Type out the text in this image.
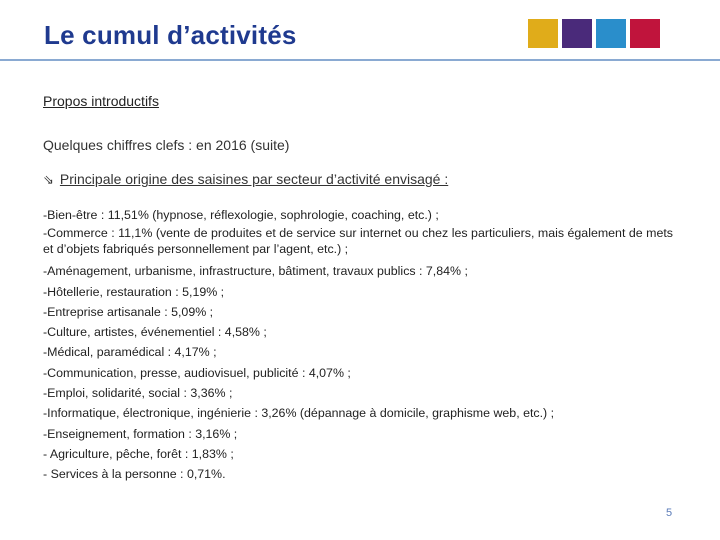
Le cumul d’activités
Propos introductifs
Quelques chiffres clefs : en 2016 (suite)
⇘ Principale origine des saisines par secteur d’activité envisagé :

-Bien-être : 11,51% (hypnose, réflexologie, sophrologie, coaching, etc.) ;

-Commerce : 11,1% (vente de produites et de service sur internet ou chez les particuliers, mais également de mets et d’objets fabriqués personnellement par l’agent, etc.) ;

-Aménagement, urbanisme, infrastructure, bâtiment, travaux publics : 7,84% ;

-Hôtellerie, restauration : 5,19% ;

-Entreprise artisanale : 5,09% ;

-Culture, artistes, événementiel : 4,58% ;

-Médical, paramédical : 4,17% ;

-Communication, presse, audiovisuel, publicité : 4,07% ;

-Emploi, solidarité, social : 3,36% ;

-Informatique, électronique, ingénierie : 3,26% (dépannage à domicile, graphisme web, etc.) ;

-Enseignement, formation : 3,16% ;

- Agriculture, pêche, forêt : 1,83% ;

- Services à la personne : 0,71%.

5
